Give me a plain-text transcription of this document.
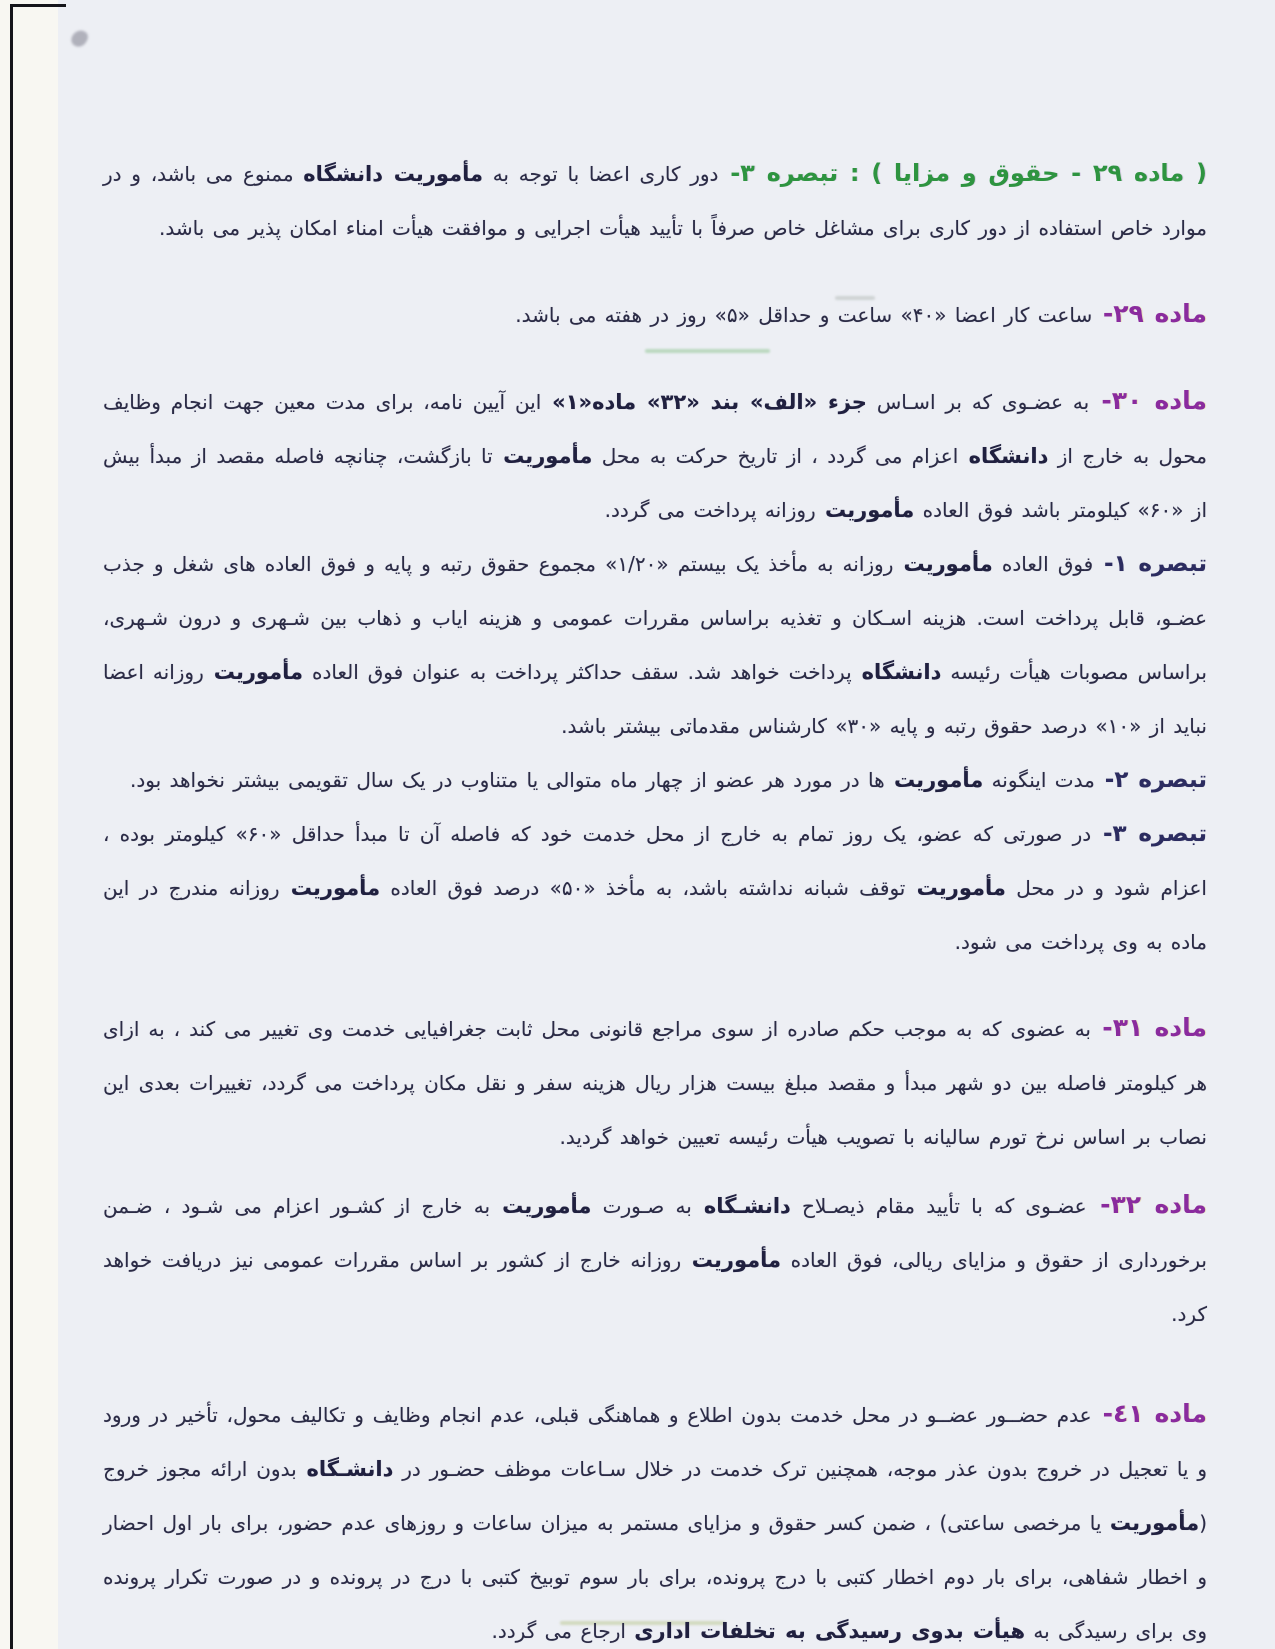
( ماده ۲۹ - حقوق و مزایا ) : تبصره ۳- دور کاری اعضا با توجه به مأموریت دانشگاه ممنوع می باشد، و در موارد خاص استفاده از دور کاری برای مشاغل خاص صرفاً با تأیید هیأت اجرایی و موافقت هیأت امناء امکان پذیر می باشد.

ماده ۲۹- ساعت کار اعضا «۴۰» ساعت و حداقل «۵» روز در هفته می باشد.

ماده ۳۰- به عضـوی که بر اسـاس جزء «الف» بند «۳۲» ماده«۱» این آیین نامه، برای مدت معین جهت انجام وظایف محول به خارج از دانشگاه اعزام می گردد ، از تاریخ حرکت به محل مأموریت تا بازگشت، چنانچه فاصله مقصد از مبدأ بیش از «۶۰» کیلومتر باشد فوق العاده مأموریت روزانه پرداخت می گردد.

تبصره ۱- فوق العاده مأموریت روزانه به مأخذ یک بیستم «۱/۲۰» مجموع حقوق رتبه و پایه و فوق العاده های شغل و جذب عضـو، قابل پرداخت است. هزینه اسـکان و تغذیه براساس مقررات عمومی و هزینه ایاب و ذهاب بین شـهری و درون شـهری، براساس مصوبات هیأت رئیسه دانشگاه پرداخت خواهد شد. سقف حداکثر پرداخت به عنوان فوق العاده مأموریت روزانه اعضا نباید از «۱۰» درصد حقوق رتبه و پایه «۳۰» کارشناس مقدماتی بیشتر باشد.

تبصره ۲- مدت اینگونه مأموریت ها در مورد هر عضو از چهار ماه متوالی یا متناوب در یک سال تقویمی بیشتر نخواهد بود.

تبصره ۳- در صورتی که عضو، یک روز تمام به خارج از محل خدمت خود که فاصله آن تا مبدأ حداقل «۶۰» کیلومتر بوده ، اعزام شود و در محل مأموریت توقف شبانه نداشته باشد، به مأخذ «۵۰» درصد فوق العاده مأموریت روزانه مندرج در این ماده به وی پرداخت می شود.

ماده ۳۱- به عضوی که به موجب حکم صادره از سوی مراجع قانونی محل ثابت جغرافیایی خدمت وی تغییر می کند ، به ازای هر کیلومتر فاصله بین دو شهر مبدأ و مقصد مبلغ بیست هزار ریال هزینه سفر و نقل مکان پرداخت می گردد، تغییرات بعدی این نصاب بر اساس نرخ تورم سالیانه با تصویب هیأت رئیسه تعیین خواهد گردید.

ماده ۳۲- عضـوی که با تأیید مقام ذیصـلاح دانشـگاه به صـورت مأموریت به خارج از کشـور اعزام می شـود ، ضـمن برخورداری از حقوق و مزایای ریالی، فوق العاده مأموریت روزانه خارج از کشور بر اساس مقررات عمومی نیز دریافت خواهد کرد.

ماده ٤١- عدم حضــور عضــو در محل خدمت بدون اطلاع و هماهنگی قبلی، عدم انجام وظایف و تکالیف محول، تأخیر در ورود و یا تعجیل در خروج بدون عذر موجه، همچنین ترک خدمت در خلال سـاعات موظف حضـور در دانشـگاه بدون ارائه مجوز خروج (مأموریت یا مرخصی ساعتی) ، ضمن کسر حقوق و مزایای مستمر به میزان ساعات و روزهای عدم حضور، برای بار اول احضار و اخطار شفاهی، برای بار دوم اخطار کتبی با درج پرونده، برای بار سوم توبیخ کتبی با درج در پرونده و در صورت تکرار پرونده وی برای رسیدگی به هیأت بدوی رسیدگی به تخلفات اداری ارجاع می گردد.
